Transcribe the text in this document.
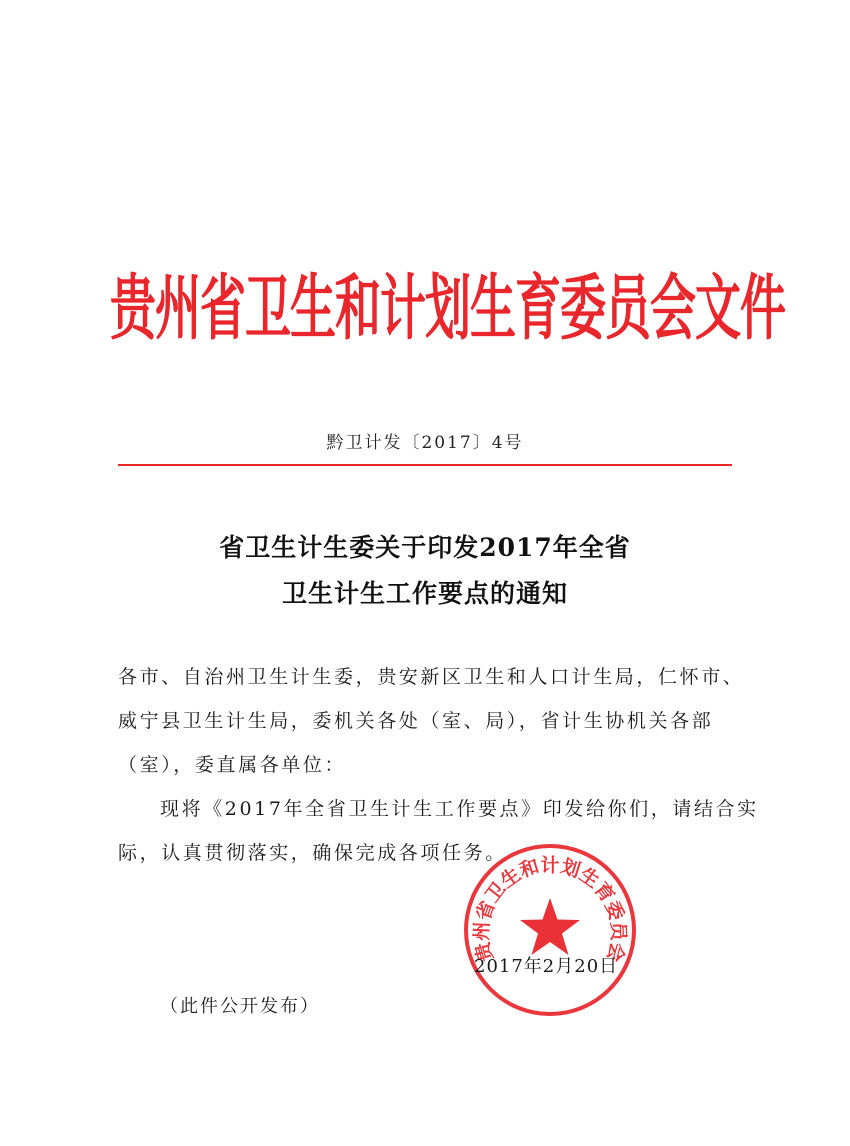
贵州省卫生和计划生育委员会文件
黔卫计发〔2017〕4号
省卫生计生委关于印发2017年全省
卫生计生工作要点的通知
各市、自治州卫生计生委，贵安新区卫生和人口计生局，仁怀市、
威宁县卫生计生局，委机关各处（室、局），省计生协机关各部
（室），委直属各单位：
现将《2017年全省卫生计生工作要点》印发给你们，请结合实
际，认真贯彻落实，确保完成各项任务。
贵州省卫生和计划生育委员会
2017年2月20日
（此件公开发布）
